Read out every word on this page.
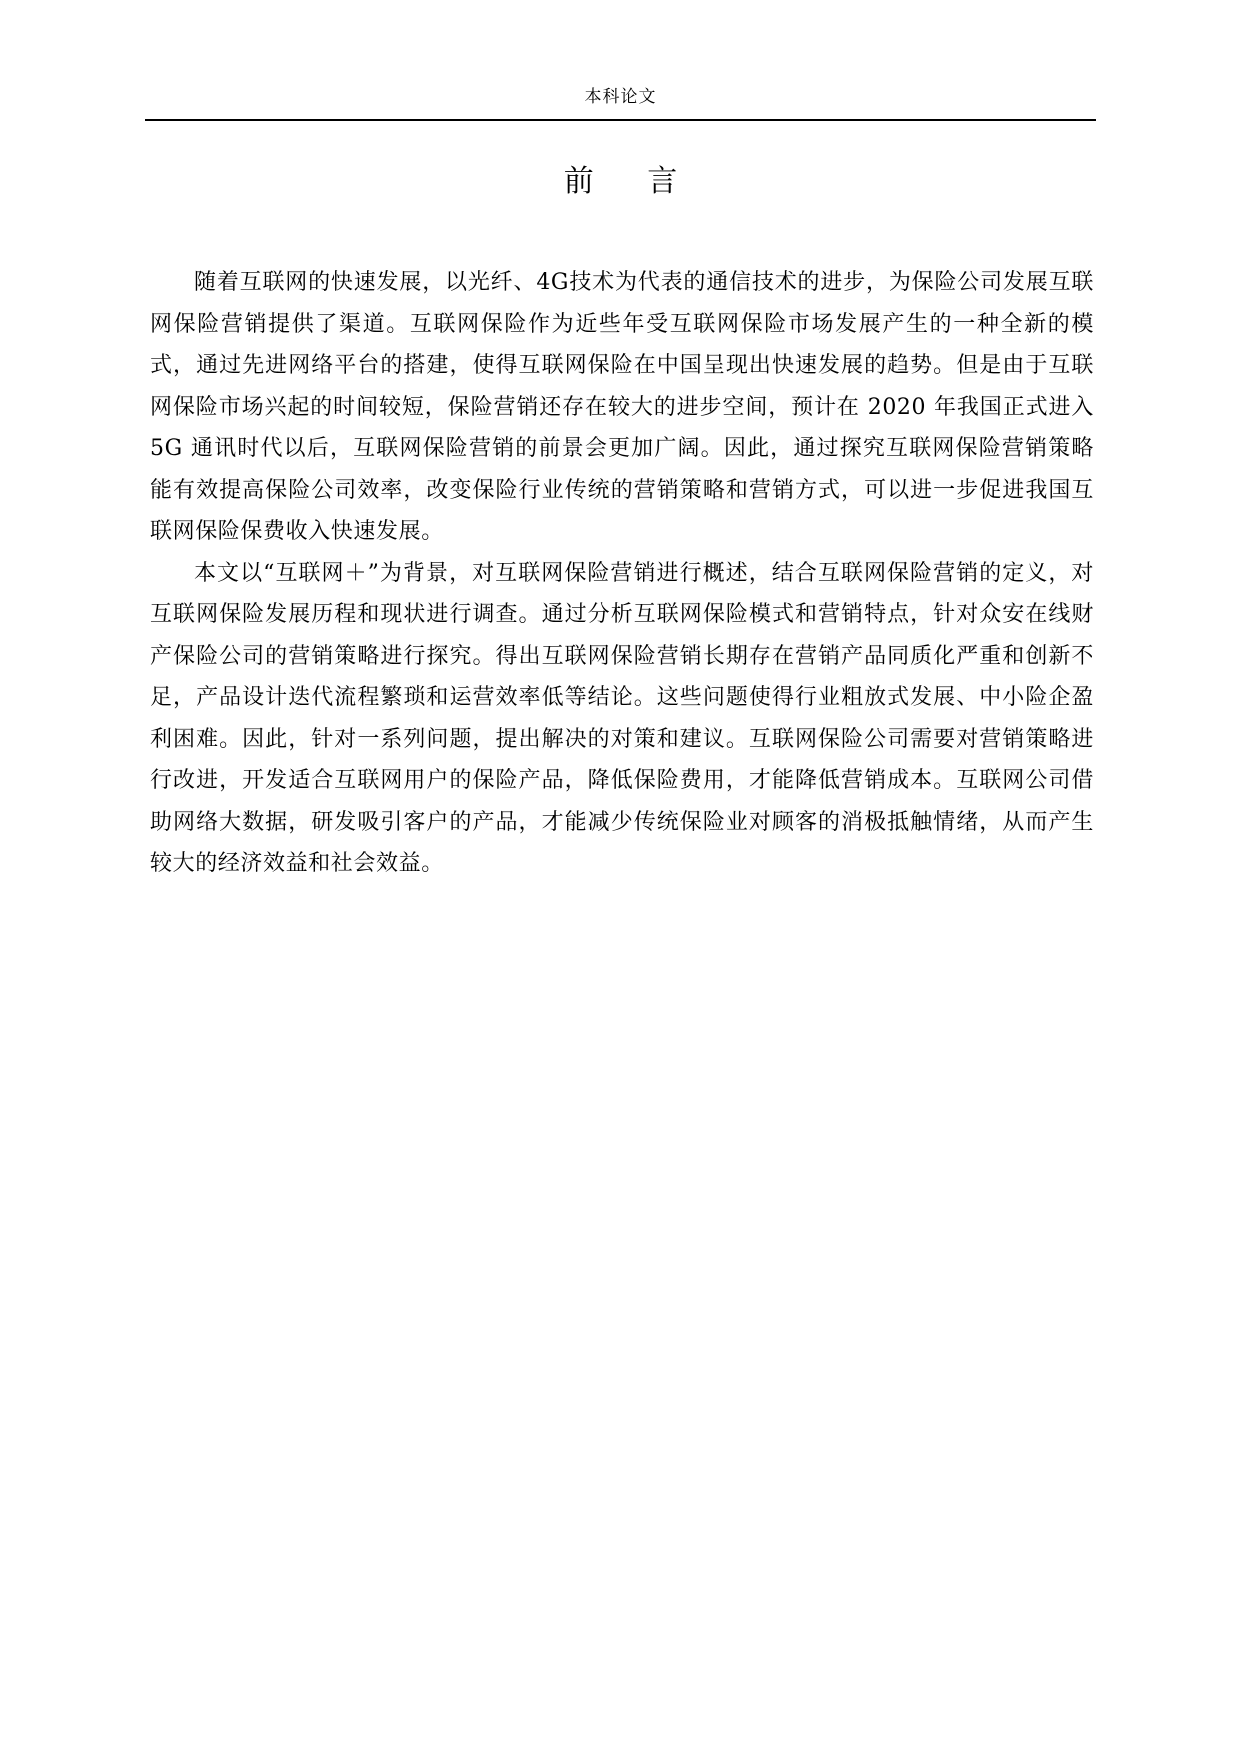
本科论文
前 言

随着互联网的快速发展，以光纤、4G技术为代表的通信技术的进步，为保险公司发展互联网保险营销提供了渠道。互联网保险作为近些年受互联网保险市场发展产生的一种全新的模式，通过先进网络平台的搭建，使得互联网保险在中国呈现出快速发展的趋势。但是由于互联网保险市场兴起的时间较短，保险营销还存在较大的进步空间，预计在 2020 年我国正式进入 5G 通讯时代以后，互联网保险营销的前景会更加广阔。因此，通过探究互联网保险营销策略能有效提高保险公司效率，改变保险行业传统的营销策略和营销方式，可以进一步促进我国互联网保险保费收入快速发展。

本文以“互联网＋”为背景，对互联网保险营销进行概述，结合互联网保险营销的定义，对互联网保险发展历程和现状进行调查。通过分析互联网保险模式和营销特点，针对众安在线财产保险公司的营销策略进行探究。得出互联网保险营销长期存在营销产品同质化严重和创新不足，产品设计迭代流程繁琐和运营效率低等结论。这些问题使得行业粗放式发展、中小险企盈利困难。因此，针对一系列问题，提出解决的对策和建议。互联网保险公司需要对营销策略进行改进，开发适合互联网用户的保险产品，降低保险费用，才能降低营销成本。互联网公司借助网络大数据，研发吸引客户的产品，才能减少传统保险业对顾客的消极抵触情绪，从而产生较大的经济效益和社会效益。
